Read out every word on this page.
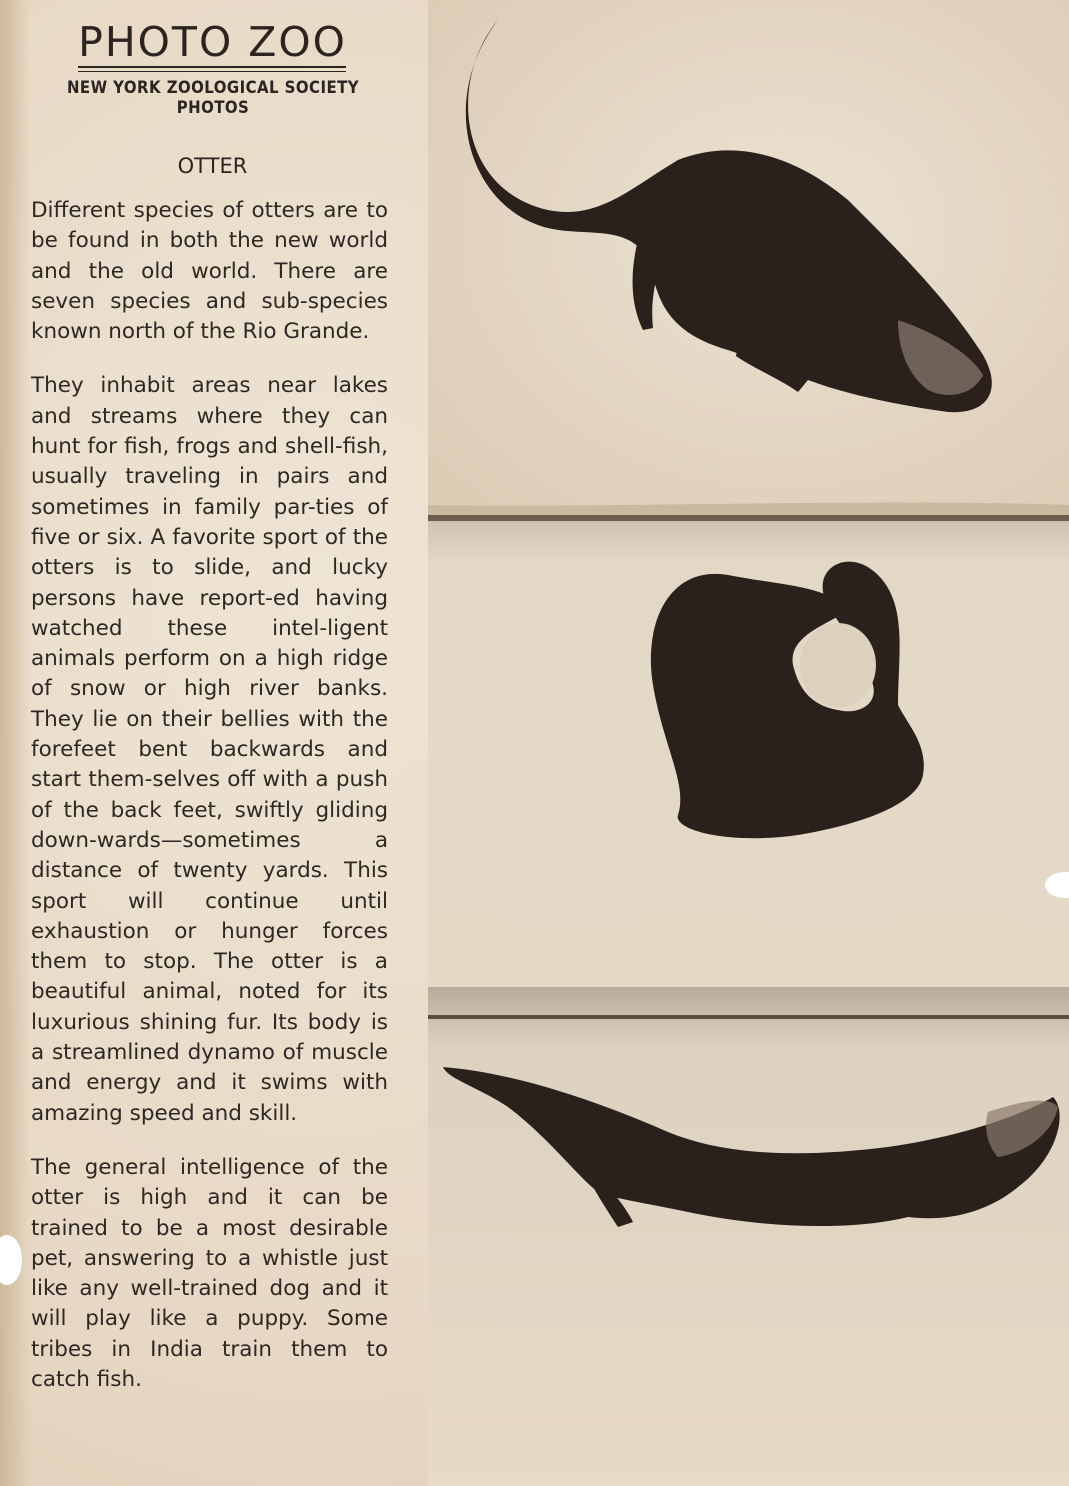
PHOTO ZOO
NEW YORK ZOOLOGICAL SOCIETY PHOTOS
OTTER

Different species of otters are to be found in both the new world and the old world. There are seven species and sub-species known north of the Rio Grande.

They inhabit areas near lakes and streams where they can hunt for fish, frogs and shell-fish, usually traveling in pairs and sometimes in family par-ties of five or six. A favorite sport of the otters is to slide, and lucky persons have report-ed having watched these intel-ligent animals perform on a high ridge of snow or high river banks. They lie on their bellies with the forefeet bent backwards and start them-selves off with a push of the back feet, swiftly gliding down-wards—sometimes a distance of twenty yards. This sport will continue until exhaustion or hunger forces them to stop. The otter is a beautiful animal, noted for its luxurious shining fur. Its body is a streamlined dynamo of muscle and energy and it swims with amazing speed and skill.

The general intelligence of the otter is high and it can be trained to be a most desirable pet, answering to a whistle just like any well-trained dog and it will play like a puppy. Some tribes in India train them to catch fish.
